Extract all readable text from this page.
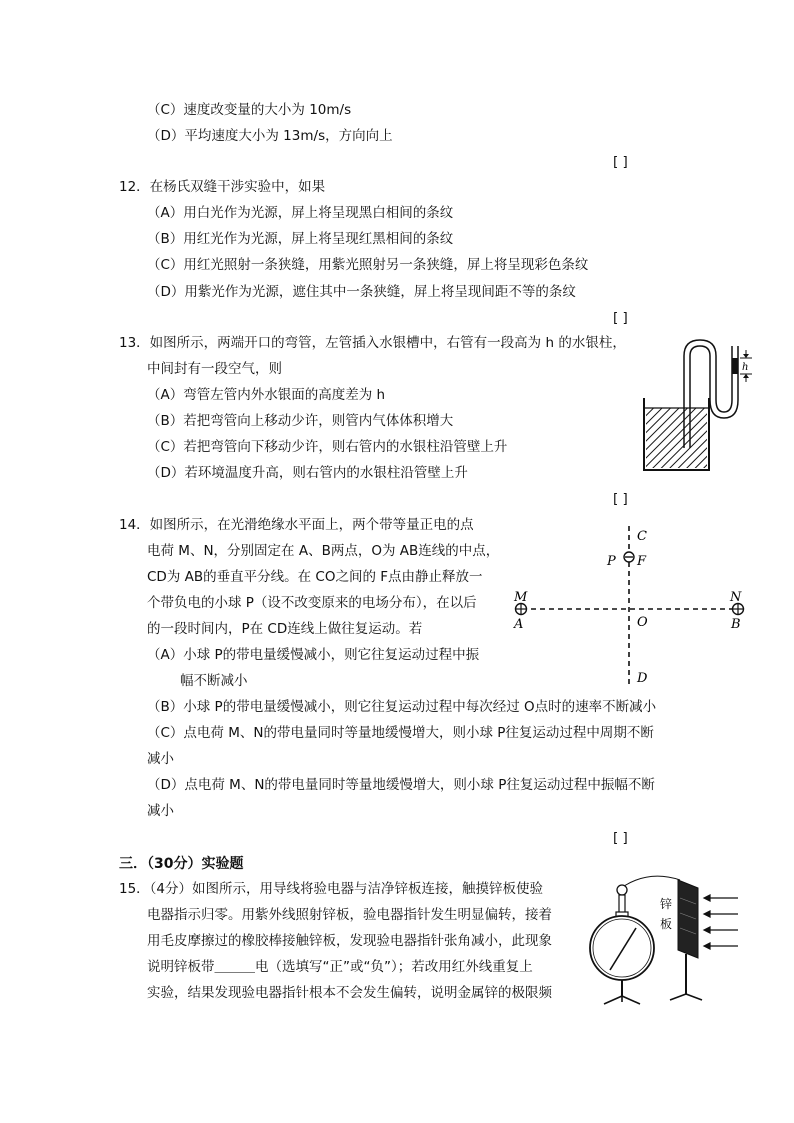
（C）速度改变量的大小为 10m/s
（D）平均速度大小为 13m/s，方向向上
[ ]
12．在杨氏双缝干涉实验中，如果
（A）用白光作为光源，屏上将呈现黑白相间的条纹
（B）用红光作为光源，屏上将呈现红黑相间的条纹
（C）用红光照射一条狭缝，用紫光照射另一条狭缝，屏上将呈现彩色条纹
（D）用紫光作为光源，遮住其中一条狭缝，屏上将呈现间距不等的条纹
[ ]
13．如图所示，两端开口的弯管，左管插入水银槽中，右管有一段高为 h 的水银柱，
中间封有一段空气，则
（A）弯管左管内外水银面的高度差为 h
（B）若把弯管向上移动少许，则管内气体体积增大
（C）若把弯管向下移动少许，则右管内的水银柱沿管壁上升
（D）若环境温度升高，则右管内的水银柱沿管壁上升
[ ]
h
14．如图所示，在光滑绝缘水平面上，两个带等量正电的点
电荷 M、N，分别固定在 A、B两点，O为 AB连线的中点，
CD为 AB的垂直平分线。在 CO之间的 F点由静止释放一
个带负电的小球 P（设不改变原来的电场分布），在以后
的一段时间内，P在 CD连线上做往复运动。若
（A）小球 P的带电量缓慢减小，则它往复运动过程中振
幅不断减小
（B）小球 P的带电量缓慢减小，则它往复运动过程中每次经过 O点时的速率不断减小
（C）点电荷 M、N的带电量同时等量地缓慢增大，则小球 P往复运动过程中周期不断
减小
（D）点电荷 M、N的带电量同时等量地缓慢增大，则小球 P往复运动过程中振幅不断
减小
[ ]
C
P F
M	N
A	O	B
D
三．（30分）实验题
15．（4分）如图所示，用导线将验电器与洁净锌板连接，触摸锌板使验
电器指示归零。用紫外线照射锌板，验电器指针发生明显偏转，接着
用毛皮摩擦过的橡胶棒接触锌板，发现验电器指针张角减小，此现象
说明锌板带＿＿＿电（选填写“正”或“负”）；若改用红外线重复上
实验，结果发现验电器指针根本不会发生偏转，说明金属锌的极限频
锌
板
